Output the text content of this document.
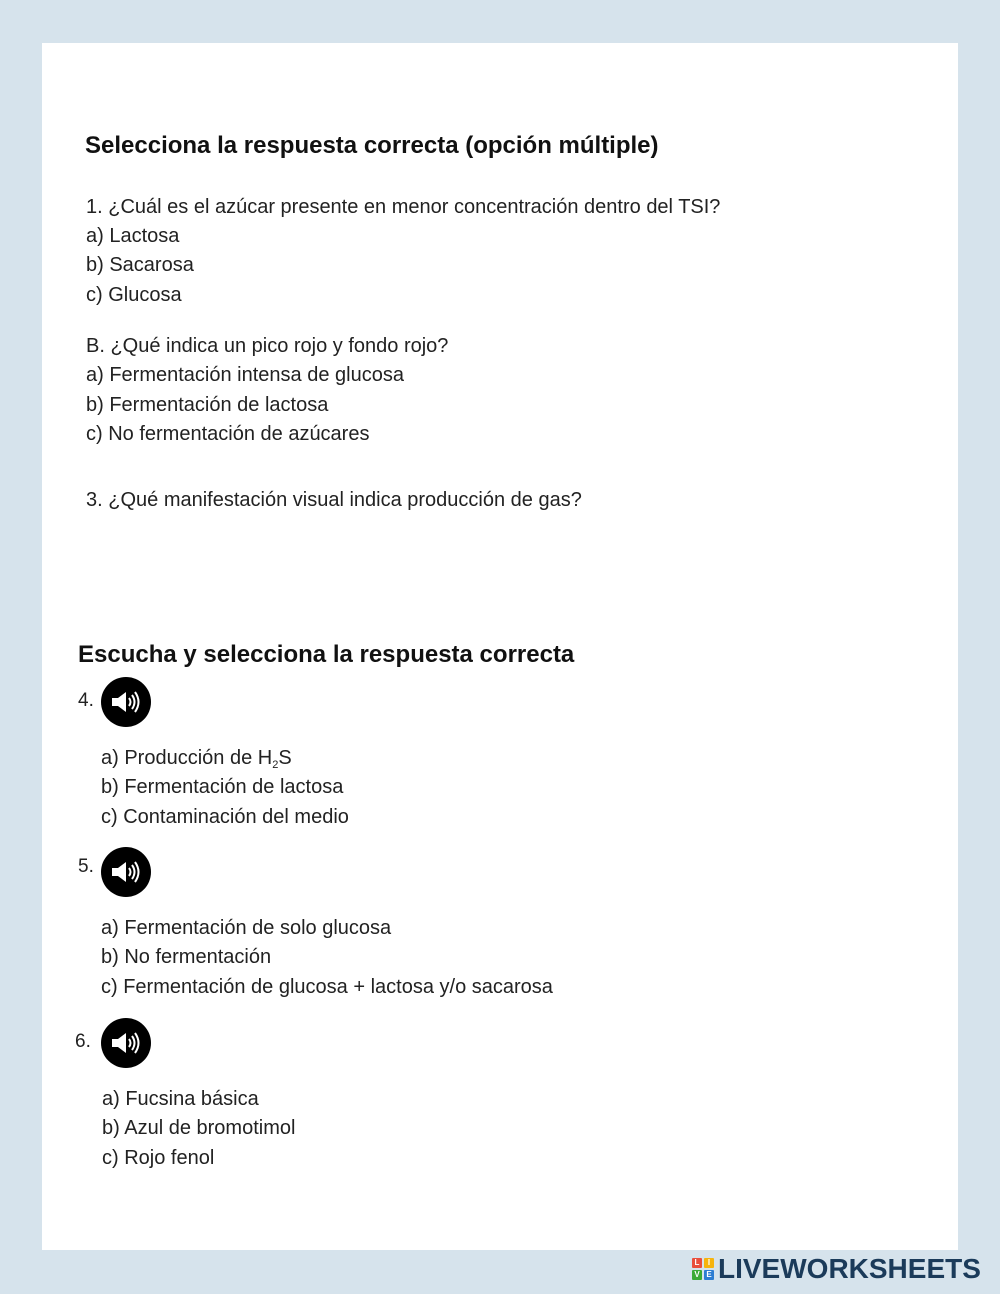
Selecciona la respuesta correcta (opción múltiple)
1. ¿Cuál es el azúcar presente en menor concentración dentro del TSI?
a) Lactosa
b) Sacarosa
c) Glucosa
B. ¿Qué indica un pico rojo y fondo rojo?
a) Fermentación intensa de glucosa
b) Fermentación de lactosa
c) No fermentación de azúcares
3. ¿Qué manifestación visual indica producción de gas?
Escucha y selecciona la respuesta correcta
4.
a) Producción de $H_2S$
b) Fermentación de lactosa
c) Contaminación del medio
5.
a) Fermentación de solo glucosa
b) No fermentación
c) Fermentación de glucosa + lactosa y/o sacarosa
6.
a) Fucsina básica
b) Azul de bromotimol
c) Rojo fenol
L	I
V E LIVEWORKSHEETS
